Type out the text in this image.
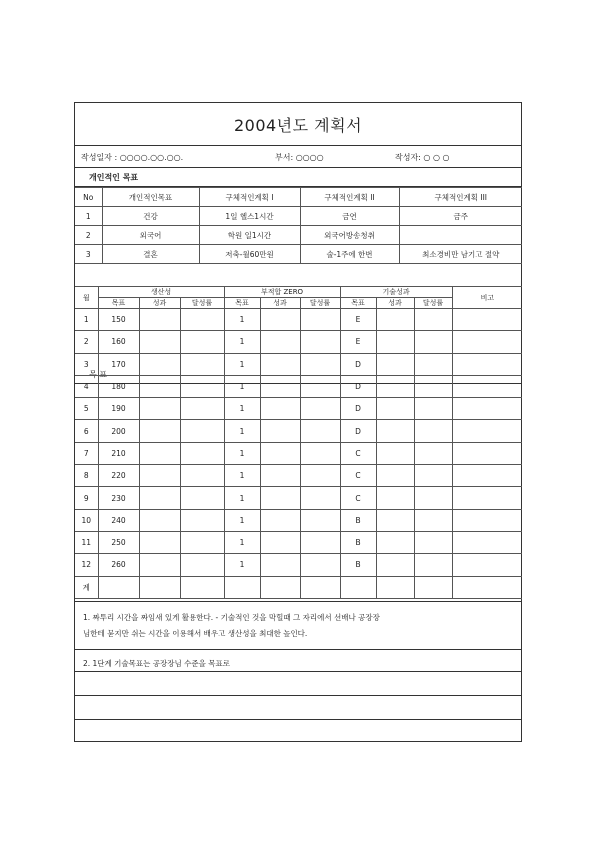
2004년도 계획서
작성일자 : ○○○○.○○.○○.	부서: ○○○○	작성자: ○ ○ ○
개인적인 목표
No	개인적인목표	구체적인계획 I	구체적인계획 II	구체적인계획 III
1	건강	1일 헬스1시간	금연	금주
2	외국어	학원 일1시간	외국어방송청취	
3	결혼	저축-월60만원	술-1주에 한번	최소경비만 남기고 절약
목 표
월	생산성			부적합 ZERO			기술성과			비고
	목표	성과	달성률	목표	성과	달성률	목표	성과	달성률	
1	150			1			E			
2	160			1			E			
3	170			1			D			
4	180			1			D			
5	190			1			D			
6	200			1			D			
7	210			1			C			
8	220			1			C			
9	230			1			C			
10	240			1			B			
11	250			1			B			
12	260			1			B			
계										
1. 짜투리 시간을 짜임새 있게 활용한다. - 기술적인 것을 막힐때 그 자리에서 선배나 공장장
님한테 묻지만 쉬는 시간을 이용해서 배우고 생산성을 최대한 높인다.
2. 1단계 기술목표는 공장장님 수준을 목표로
